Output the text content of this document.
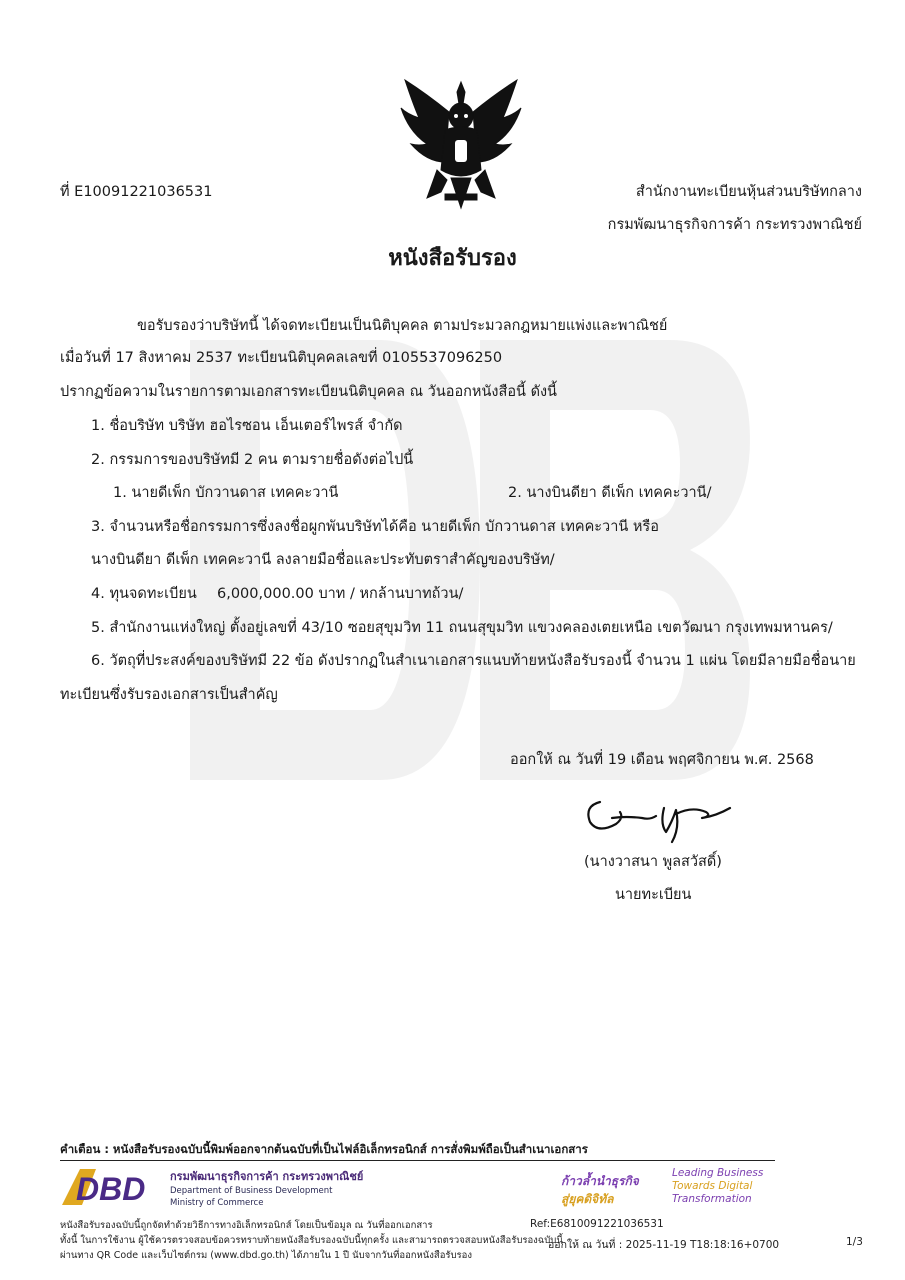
ที่ E10091221036531	สำนักงานทะเบียนหุ้นส่วนบริษัทกลาง
กรมพัฒนาธุรกิจการค้า กระทรวงพาณิชย์
หนังสือรับรอง
ขอรับรองว่าบริษัทนี้ ได้จดทะเบียนเป็นนิติบุคคล ตามประมวลกฎหมายแพ่งและพาณิชย์
เมื่อวันที่ 17 สิงหาคม 2537 ทะเบียนนิติบุคคลเลขที่ 0105537096250
ปรากฏข้อความในรายการตามเอกสารทะเบียนนิติบุคคล ณ วันออกหนังสือนี้ ดังนี้
1. ชื่อบริษัท บริษัท ฮอไรซอน เอ็นเตอร์ไพรส์ จำกัด
2. กรรมการของบริษัทมี 2 คน ตามรายชื่อดังต่อไปนี้
1. นายดีเพ็ก บักวานดาส เทคคะวานี	2. นางบินดียา ดีเพ็ก เทคคะวานี/
3. จำนวนหรือชื่อกรรมการซึ่งลงชื่อผูกพันบริษัทได้คือ นายดีเพ็ก บักวานดาส เทคคะวานี หรือ
นางบินดียา ดีเพ็ก เทคคะวานี ลงลายมือชื่อและประทับตราสำคัญของบริษัท/
4. ทุนจดทะเบียน 6,000,000.00 บาท / หกล้านบาทถ้วน/
5. สำนักงานแห่งใหญ่ ตั้งอยู่เลขที่ 43/10 ซอยสุขุมวิท 11 ถนนสุขุมวิท แขวงคลองเตยเหนือ เขตวัฒนา กรุงเทพมหานคร/
6. วัตถุที่ประสงค์ของบริษัทมี 22 ข้อ ดังปรากฏในสำเนาเอกสารแนบท้ายหนังสือรับรองนี้ จำนวน 1 แผ่น โดยมีลายมือชื่อนาย
ทะเบียนซึ่งรับรองเอกสารเป็นสำคัญ
ออกให้ ณ วันที่ 19 เดือน พฤศจิกายน พ.ศ. 2568
(นางวาสนา พูลสวัสดิ์)
นายทะเบียน
คำเตือน : หนังสือรับรองฉบับนี้พิมพ์ออกจากต้นฉบับที่เป็นไฟล์อิเล็กทรอนิกส์ การสั่งพิมพ์ถือเป็นสำเนาเอกสาร
DBD กรมพัฒนาธุรกิจการค้า กระทรวงพาณิชย์
Department of Business Development
Ministry of Commerce
ก้าวล้ำนำธุรกิจ
สู่ยุคดิจิทัล
Leading Business
Towards Digital
Transformation
หนังสือรับรองฉบับนี้ถูกจัดทำด้วยวิธีการทางอิเล็กทรอนิกส์ โดยเป็นข้อมูล ณ วันที่ออกเอกสาร
ทั้งนี้ ในการใช้งาน ผู้ใช้ควรตรวจสอบข้อควรทราบท้ายหนังสือรับรองฉบับนี้ทุกครั้ง และสามารถตรวจสอบหนังสือรับรองฉบับนี้
ผ่านทาง QR Code และเว็บไซต์กรม (www.dbd.go.th) ได้ภายใน 1 ปี นับจากวันที่ออกหนังสือรับรอง
Ref:E6810091221036531
ออกให้ ณ วันที่ : 2025-11-19 T18:18:16+0700	1/3
